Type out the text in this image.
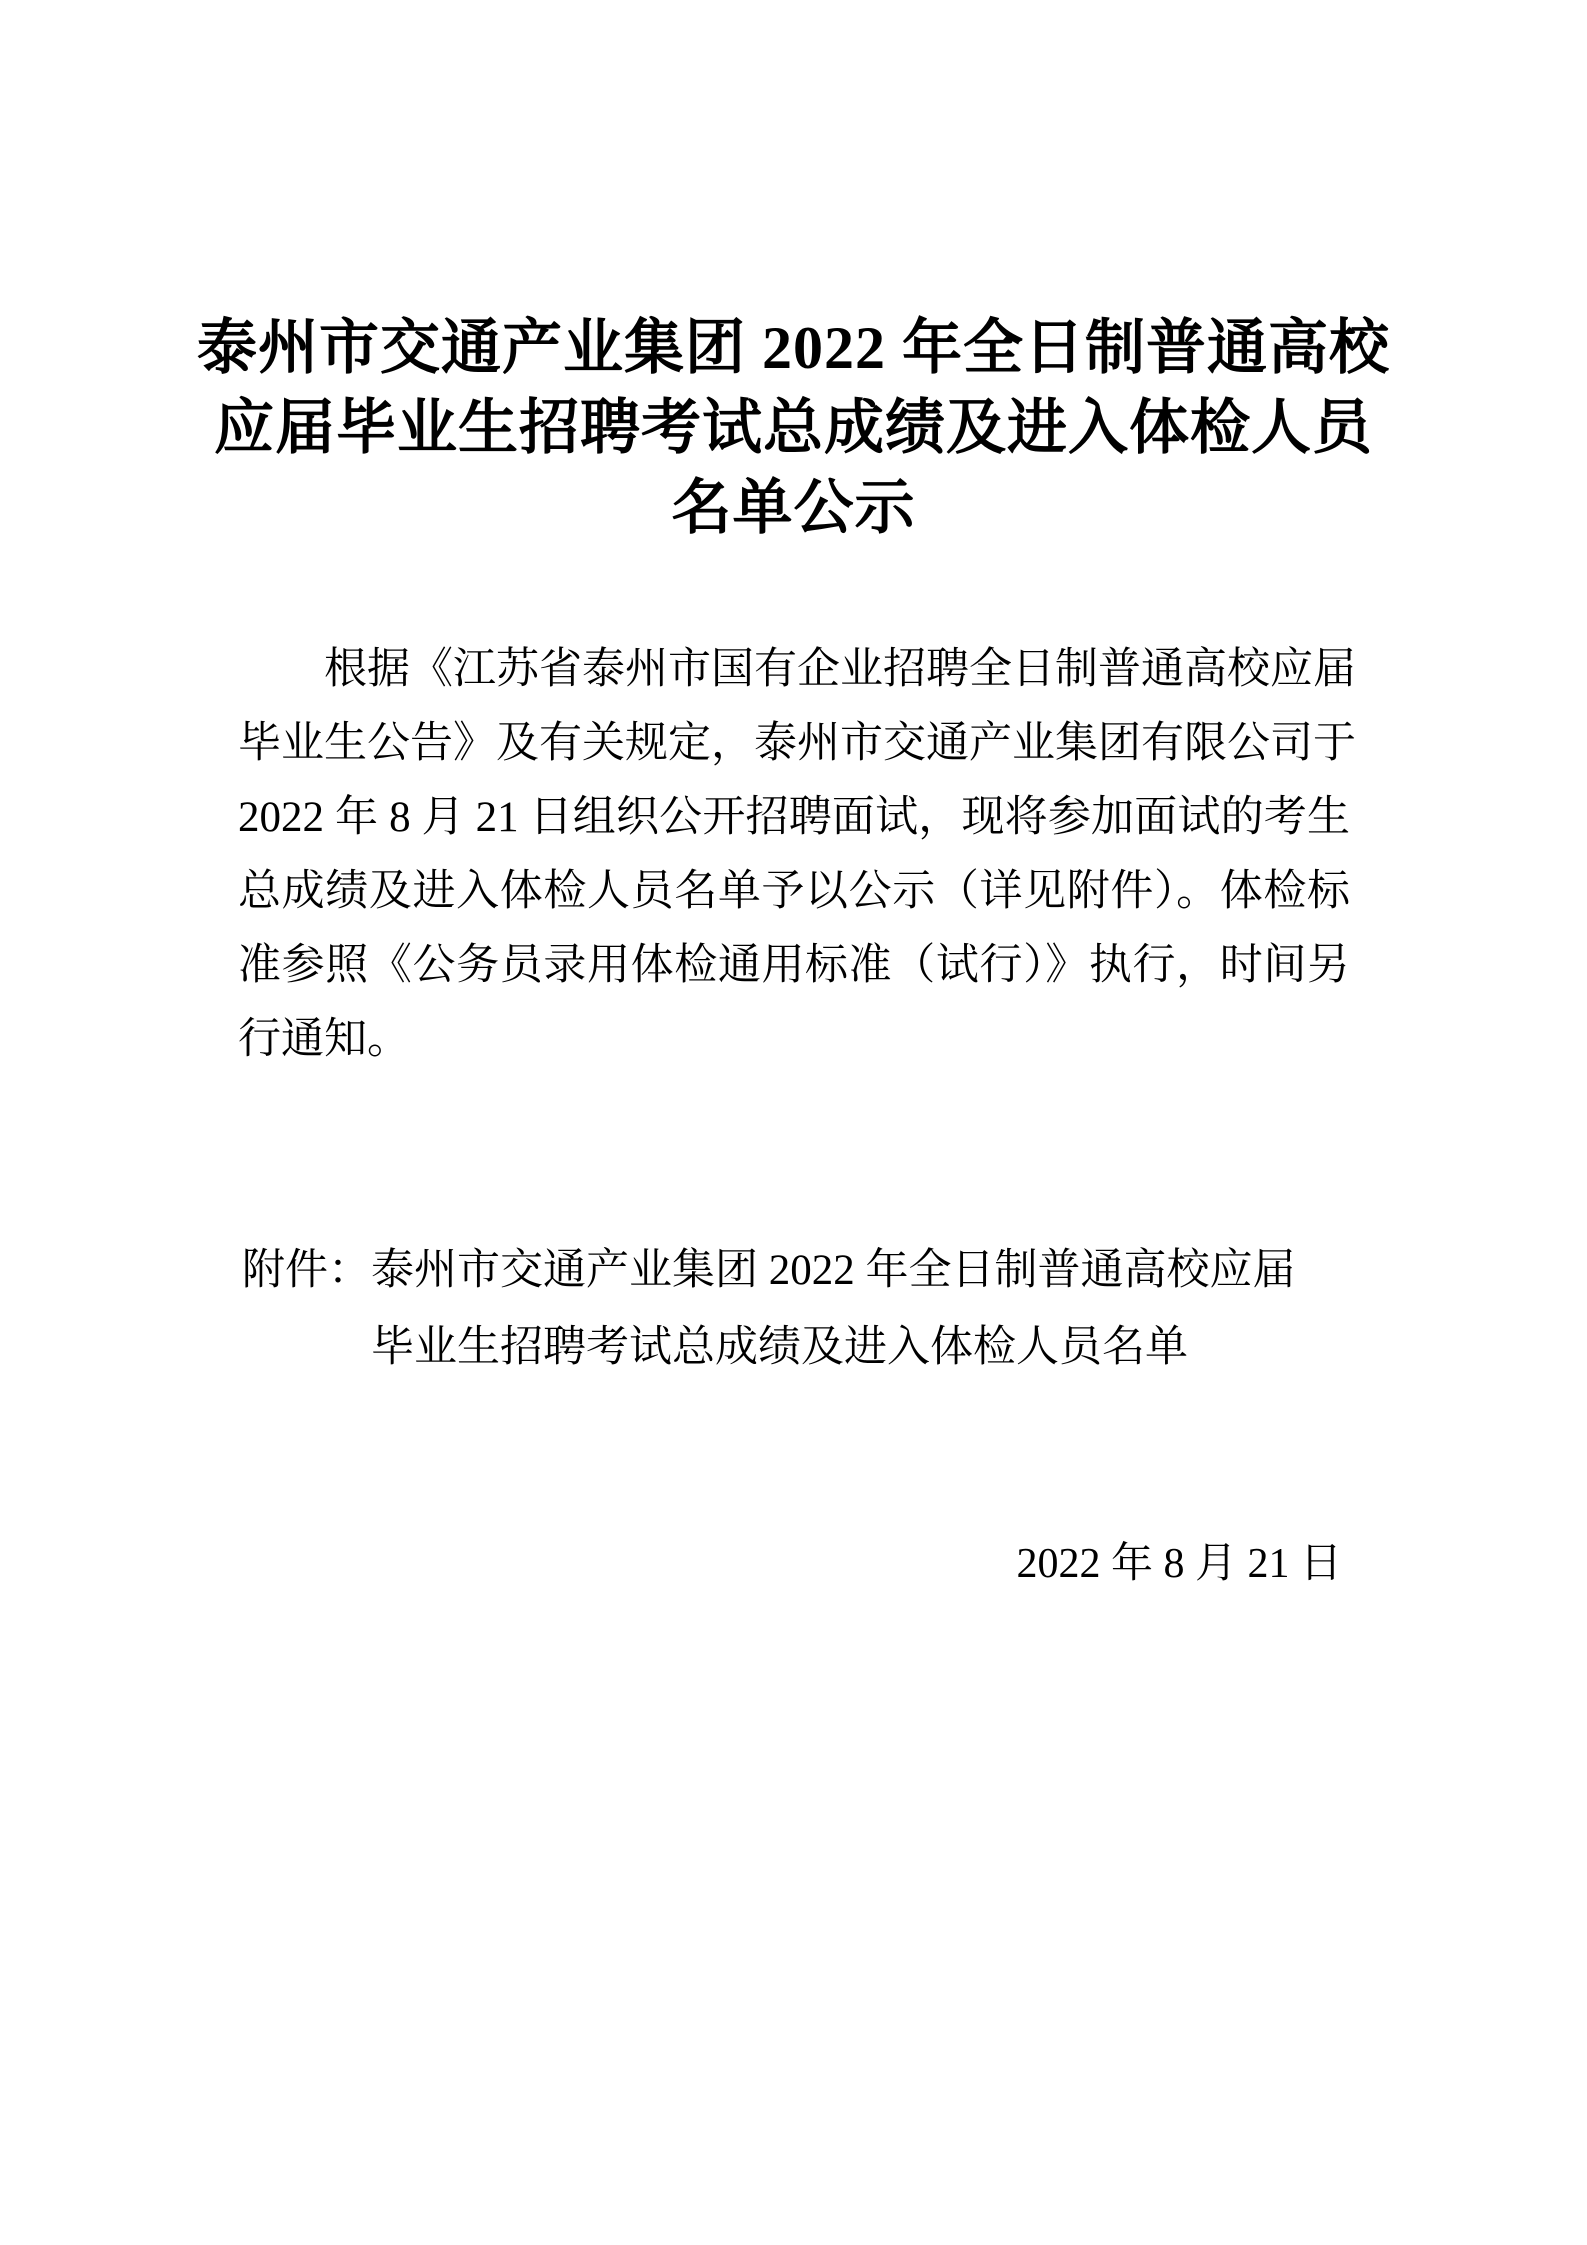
泰州市交通产业集团 2022 年全日制普通高校
应届毕业生招聘考试总成绩及进入体检人员
名单公示
根据《江苏省泰州市国有企业招聘全日制普通高校应届
毕业生公告》及有关规定，泰州市交通产业集团有限公司于
2022 年 8 月 21 日组织公开招聘面试，现将参加面试的考生
总成绩及进入体检人员名单予以公示（详见附件）。体检标
准参照《公务员录用体检通用标准（试行）》执行，时间另
行通知。
附件： 泰州市交通产业集团 2022 年全日制普通高校应届
毕业生招聘考试总成绩及进入体检人员名单
2022 年 8 月 21 日
